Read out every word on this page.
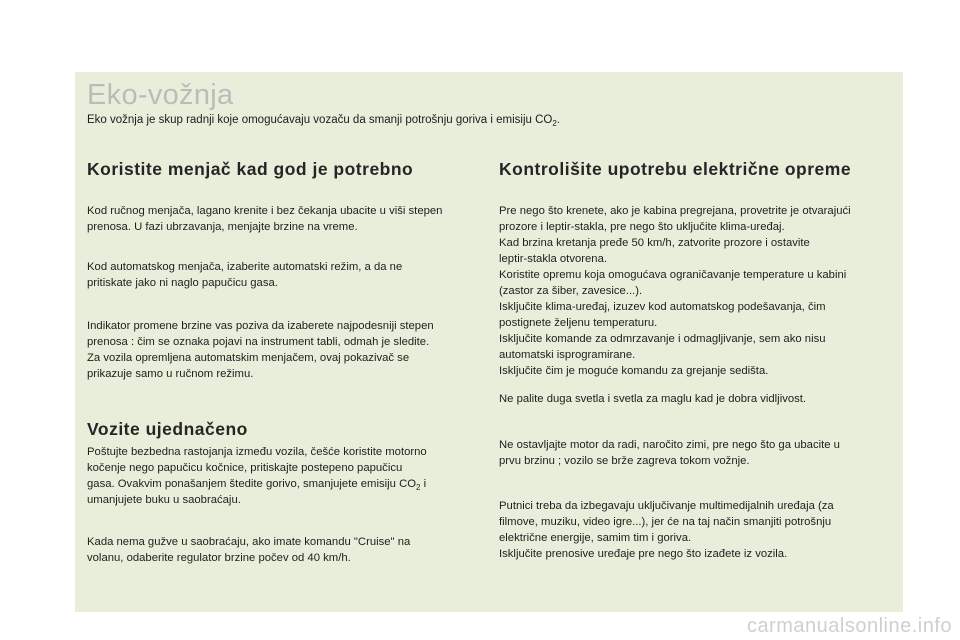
Eko-vožnja

Eko vožnja je skup radnji koje omogućavaju vozaču da smanji potrošnju goriva i emisiju $CO_2$.

Koristite menjač kad god je potrebno

Kod ručnog menjača, lagano krenite i bez čekanja ubacite u viši stepen
prenosa. U fazi ubrzavanja, menjajte brzine na vreme.

Kod automatskog menjača, izaberite automatski režim, a da ne
pritiskate jako ni naglo papučicu gasa.

Indikator promene brzine vas poziva da izaberete najpodesniji stepen
prenosa : čim se oznaka pojavi na instrument tabli, odmah je sledite.
Za vozila opremljena automatskim menjačem, ovaj pokazivač se
prikazuje samo u ručnom režimu.

Vozite ujednačeno

Poštujte bezbedna rastojanja između vozila, češće koristite motorno
kočenje nego papučicu kočnice, pritiskajte postepeno papučicu
gasa. Ovakvim ponašanjem štedite gorivo, smanjujete emisiju $CO_2$ i
umanjujete buku u saobraćaju.

Kada nema gužve u saobraćaju, ako imate komandu "Cruise" na
volanu, odaberite regulator brzine počev od 40 km/h.

Kontrolišite upotrebu električne opreme

Pre nego što krenete, ako je kabina pregrejana, provetrite je otvarajući
prozore i leptir-stakla, pre nego što uključite klima-uređaj.
Kad brzina kretanja pređe 50 km/h, zatvorite prozore i ostavite
leptir-stakla otvorena.
Koristite opremu koja omogućava ograničavanje temperature u kabini
(zastor za šiber, zavesice...).
Isključite klima-uređaj, izuzev kod automatskog podešavanja, čim
postignete željenu temperaturu.
Isključite komande za odmrzavanje i odmagljivanje, sem ako nisu
automatski isprogramirane.
Isključite čim je moguće komandu za grejanje sedišta.

Ne palite duga svetla i svetla za maglu kad je dobra vidljivost.

Ne ostavljajte motor da radi, naročito zimi, pre nego što ga ubacite u
prvu brzinu ; vozilo se brže zagreva tokom vožnje.

Putnici treba da izbegavaju uključivanje multimedijalnih uređaja (za
filmove, muziku, video igre...), jer će na taj način smanjiti potrošnju
električne energije, samim tim i goriva.
Isključite prenosive uređaje pre nego što izađete iz vozila.

carmanualsonline.info
